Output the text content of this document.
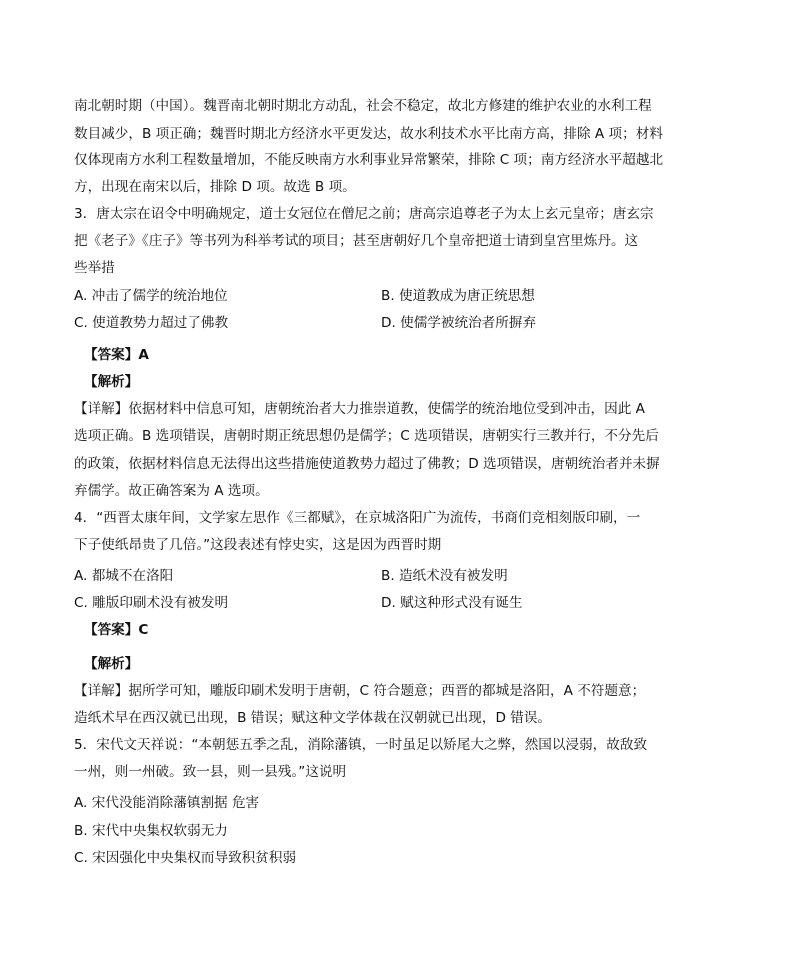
南北朝时期（中国）。魏晋南北朝时期北方动乱，社会不稳定，故北方修建的维护农业的水利工程
数目减少，B 项正确；魏晋时期北方经济水平更发达，故水利技术水平比南方高，排除 A 项；材料
仅体现南方水利工程数量增加，不能反映南方水利事业异常繁荣，排除 C 项；南方经济水平超越北
方，出现在南宋以后，排除 D 项。故选 B 项。
3．唐太宗在诏令中明确规定，道士女冠位在僧尼之前；唐高宗追尊老子为太上玄元皇帝；唐玄宗
把《老子》《庄子》等书列为科举考试的项目；甚至唐朝好几个皇帝把道士请到皇宫里炼丹。这
些举措
A. 冲击了儒学的统治地位	B. 使道教成为唐正统思想
C. 使道教势力超过了佛教	D. 使儒学被统治者所摒弃
【答案】A
【解析】
【详解】依据材料中信息可知，唐朝统治者大力推崇道教，使儒学的统治地位受到冲击，因此 A
选项正确。B 选项错误，唐朝时期正统思想仍是儒学；C 选项错误，唐朝实行三教并行，不分先后
的政策，依据材料信息无法得出这些措施使道教势力超过了佛教；D 选项错误，唐朝统治者并未摒
弃儒学。故正确答案为 A 选项。
4．“西晋太康年间，文学家左思作《三都赋》，在京城洛阳广为流传，书商们竞相刻版印刷，一
下子使纸昂贵了几倍。”这段表述有悖史实，这是因为西晋时期
A. 都城不在洛阳	B. 造纸术没有被发明
C. 雕版印刷术没有被发明	D. 赋这种形式没有诞生
【答案】C
【解析】
【详解】据所学可知，雕版印刷术发明于唐朝，C 符合题意；西晋的都城是洛阳，A 不符题意；
造纸术早在西汉就已出现，B 错误；赋这种文学体裁在汉朝就已出现，D 错误。
5．宋代文天祥说：“本朝惩五季之乱，消除藩镇，一时虽足以矫尾大之弊，然国以浸弱，故敌致
一州，则一州破。致一县，则一县残。”这说明
A. 宋代没能消除藩镇割据 危害
B. 宋代中央集权软弱无力
C. 宋因强化中央集权而导致积贫积弱
